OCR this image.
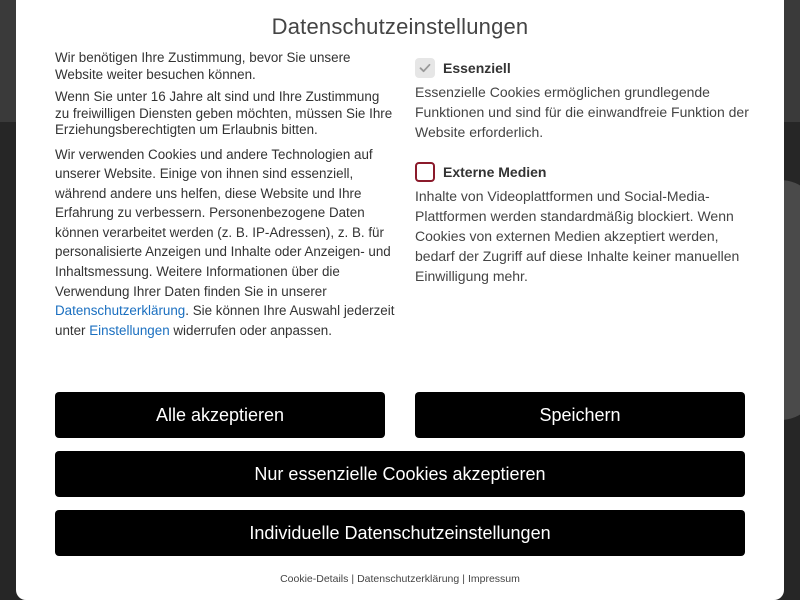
Datenschutzeinstellungen

Wir benötigen Ihre Zustimmung, bevor Sie unsere Website weiter besuchen können.

Wenn Sie unter 16 Jahre alt sind und Ihre Zustimmung zu freiwilligen Diensten geben möchten, müssen Sie Ihre Erziehungsberechtigten um Erlaubnis bitten.

Wir verwenden Cookies und andere Technologien auf unserer Website. Einige von ihnen sind essenziell, während andere uns helfen, diese Website und Ihre Erfahrung zu verbessern. Personenbezogene Daten können verarbeitet werden (z. B. IP-Adressen), z. B. für personalisierte Anzeigen und Inhalte oder Anzeigen- und Inhaltsmessung. Weitere Informationen über die Verwendung Ihrer Daten finden Sie in unserer Datenschutzerklärung. Sie können Ihre Auswahl jederzeit unter Einstellungen widerrufen oder anpassen.

Essenziell

Essenzielle Cookies ermöglichen grundlegende Funktionen und sind für die einwandfreie Funktion der Website erforderlich.

Externe Medien

Inhalte von Videoplattformen und Social-Media-Plattformen werden standardmäßig blockiert. Wenn Cookies von externen Medien akzeptiert werden, bedarf der Zugriff auf diese Inhalte keiner manuellen Einwilligung mehr.

Alle akzeptieren	Speichern
Nur essenzielle Cookies akzeptieren
Individuelle Datenschutzeinstellungen
Cookie-Details | Datenschutzerklärung | Impressum
